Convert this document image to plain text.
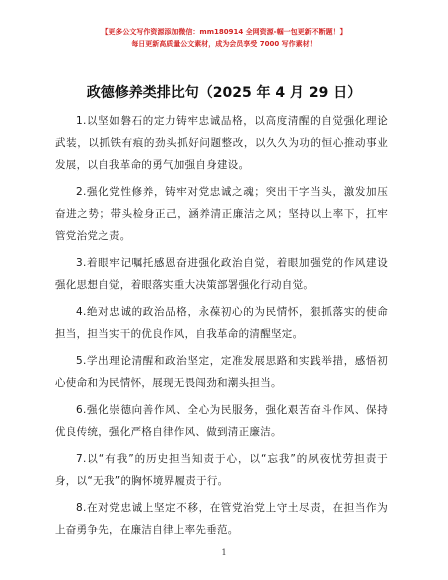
【更多公文写作资源添加微信：mm180914 全网资源-帼一包更新不断题！】
每日更新高质量公文素材，成为会员享受 7000 写作素材！
政德修养类排比句（2025 年 4 月 29 日）

1.以坚如磐石的定力铸牢忠诚品格，以高度清醒的自觉强化理论武装，以抓铁有痕的劲头抓好问题整改，以久久为功的恒心推动事业发展，以自我革命的勇气加强自身建设。

2.强化党性修养，铸牢对党忠诚之魂；突出干字当头，激发加压奋进之势；带头检身正己，涵养清正廉洁之风；坚持以上率下，扛牢管党治党之责。

3.着眼牢记嘱托感恩奋进强化政治自觉，着眼加强党的作风建设强化思想自觉，着眼落实重大决策部署强化行动自觉。

4.绝对忠诚的政治品格，永葆初心的为民情怀，狠抓落实的使命担当，担当实干的优良作风，自我革命的清醒坚定。

5.学出理论清醒和政治坚定，定准发展思路和实践举措，感悟初心使命和为民情怀，展现无畏闯劲和潮头担当。

6.强化崇德向善作风、全心为民服务，强化艰苦奋斗作风、保持优良传统，强化严格自律作风、做到清正廉洁。

7.以“有我”的历史担当知责于心，以“忘我”的夙夜忧劳担责于身，以“无我”的胸怀境界履责于行。

8.在对党忠诚上坚定不移，在管党治党上守土尽责，在担当作为上奋勇争先，在廉洁自律上率先垂范。

1
